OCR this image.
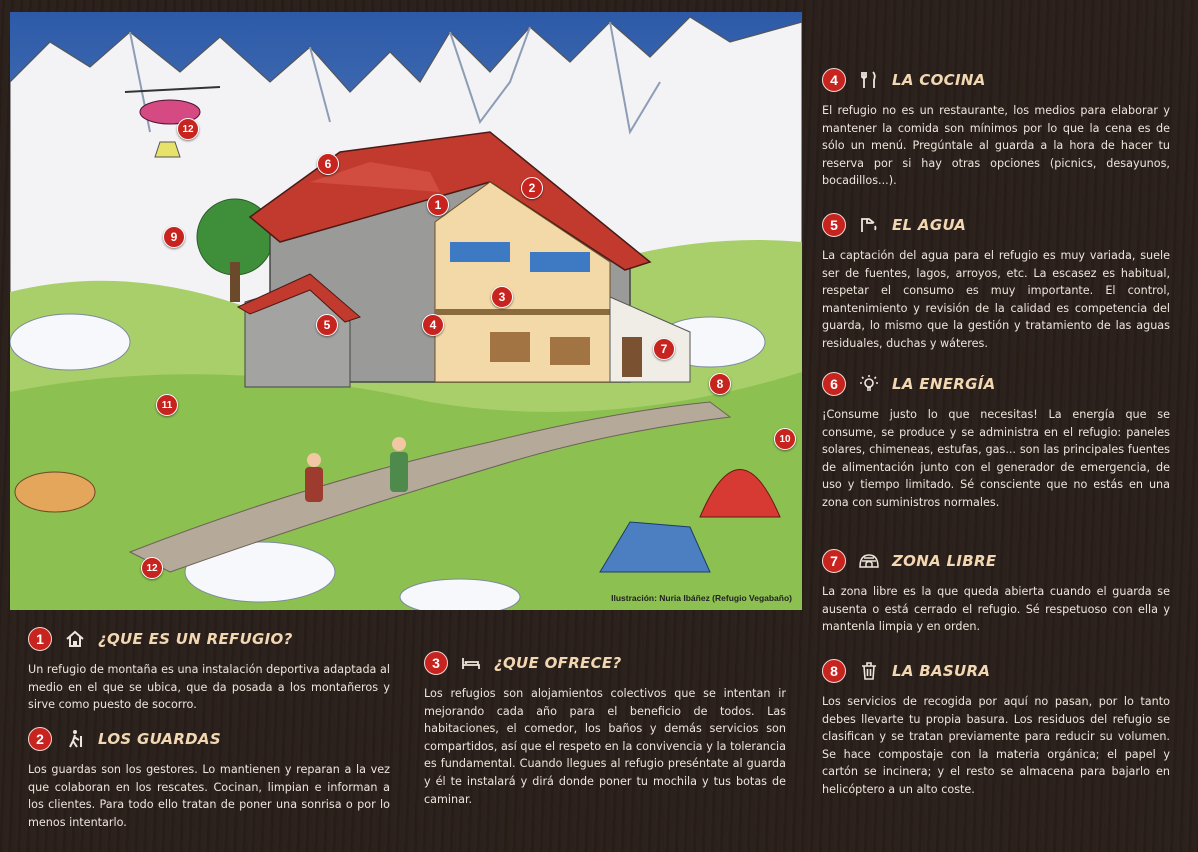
1
2
3
4
5
6
7
8
9
10
11
12
12
Ilustración: Nuria Ibáñez (Refugio Vegabaño)
1	¿QUE ES UN REFUGIO?
Un refugio de montaña es una instalación deportiva adaptada al medio en el que se ubica, que da posada a los montañeros y sirve como puesto de socorro.
2	LOS GUARDAS
Los guardas son los gestores. Lo mantienen y reparan a la vez que colaboran en los rescates. Cocinan, limpian e informan a los clientes. Para todo ello tratan de poner una sonrisa o por lo menos intentarlo.
3	¿QUE OFRECE?
Los refugios son alojamientos colectivos que se intentan ir mejorando cada año para el beneficio de todos. Las habitaciones, el comedor, los baños y demás servicios son compartidos, así que el respeto en la convivencia y la tolerancia es fundamental. Cuando llegues al refugio preséntate al guarda y él te instalará y dirá donde poner tu mochila y tus botas de caminar.
4	LA COCINA
El refugio no es un restaurante, los medios para elaborar y mantener la comida son mínimos por lo que la cena es de sólo un menú. Pregúntale al guarda a la hora de hacer tu reserva por si hay otras opciones (picnics, desayunos, bocadillos...).
5	EL AGUA
La captación del agua para el refugio es muy variada, suele ser de fuentes, lagos, arroyos, etc. La escasez es habitual, respetar el consumo es muy importante. El control, mantenimiento y revisión de la calidad es competencia del guarda, lo mismo que la gestión y tratamiento de las aguas residuales, duchas y wáteres.
6	LA ENERGÍA
¡Consume justo lo que necesitas! La energía que se consume, se produce y se administra en el refugio: paneles solares, chimeneas, estufas, gas... son las principales fuentes de alimentación junto con el generador de emergencia, de uso y tiempo limitado. Sé consciente que no estás en una zona con suministros normales.
7	ZONA LIBRE
La zona libre es la que queda abierta cuando el guarda se ausenta o está cerrado el refugio. Sé respetuoso con ella y mantenla limpia y en orden.
8	LA BASURA
Los servicios de recogida por aquí no pasan, por lo tanto debes llevarte tu propia basura. Los residuos del refugio se clasifican y se tratan previamente para reducir su volumen. Se hace compostaje con la materia orgánica; el papel y cartón se incinera; y el resto se almacena para bajarlo en helicóptero a un alto coste.
